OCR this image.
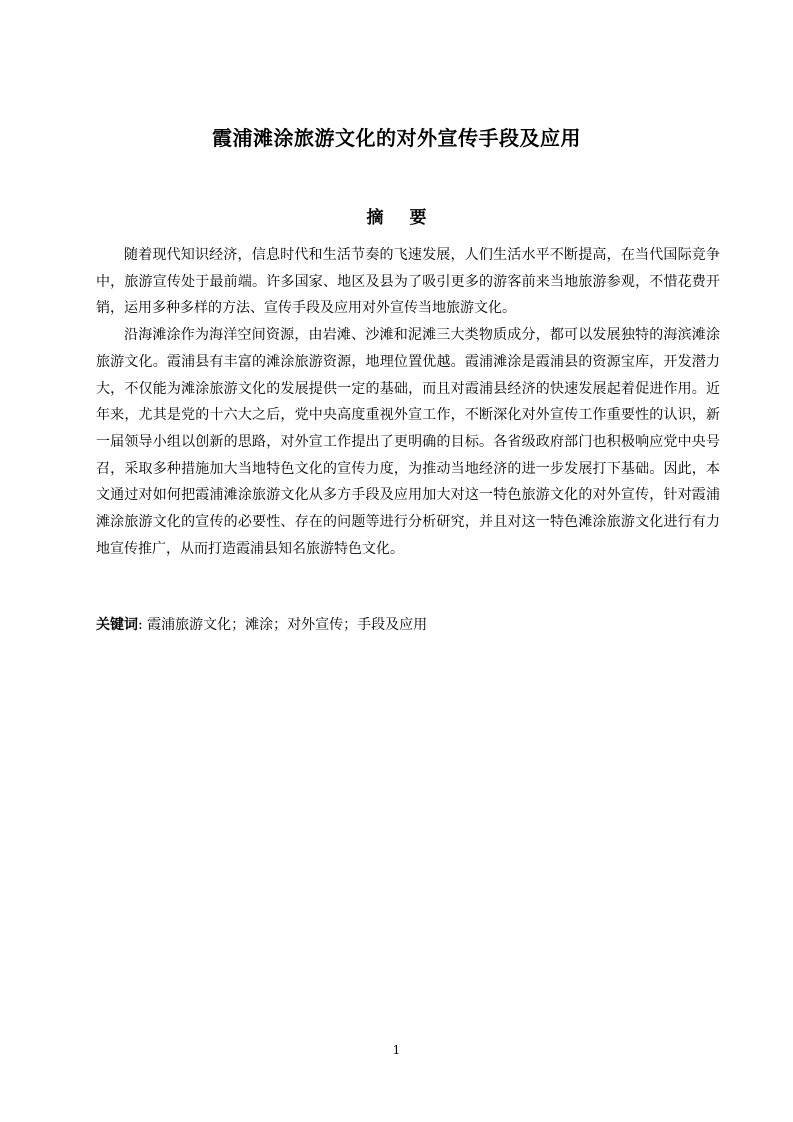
霞浦滩涂旅游文化的对外宣传手段及应用
摘 要

随着现代知识经济，信息时代和生活节奏的飞速发展，人们生活水平不断提高，在当代国际竞争中，旅游宣传处于最前端。许多国家、地区及县为了吸引更多的游客前来当地旅游参观，不惜花费开销，运用多种多样的方法、宣传手段及应用对外宣传当地旅游文化。

沿海滩涂作为海洋空间资源，由岩滩、沙滩和泥滩三大类物质成分，都可以发展独特的海滨滩涂旅游文化。霞浦县有丰富的滩涂旅游资源，地理位置优越。霞浦滩涂是霞浦县的资源宝库，开发潜力大，不仅能为滩涂旅游文化的发展提供一定的基础，而且对霞浦县经济的快速发展起着促进作用。近年来，尤其是党的十六大之后，党中央高度重视外宣工作，不断深化对外宣传工作重要性的认识，新一届领导小组以创新的思路，对外宣工作提出了更明确的目标。各省级政府部门也积极响应党中央号召，采取多种措施加大当地特色文化的宣传力度，为推动当地经济的进一步发展打下基础。因此，本文通过对如何把霞浦滩涂旅游文化从多方手段及应用加大对这一特色旅游文化的对外宣传，针对霞浦滩涂旅游文化的宣传的必要性、存在的问题等进行分析研究，并且对这一特色滩涂旅游文化进行有力地宣传推广，从而打造霞浦县知名旅游特色文化。

关键词: 霞浦旅游文化；滩涂；对外宣传；手段及应用
1
